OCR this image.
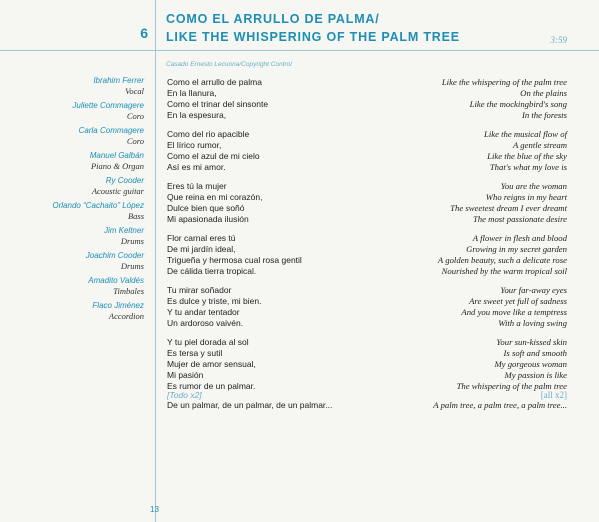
6
COMO EL ARRULLO DE PALMA/
LIKE THE WHISPERING OF THE PALM TREE	3:59
Casado Ernesto Lecuona/Copyright Control
Ibrahim Ferrer
Vocal
Juliette Commagere
Coro
Carla Commagere
Coro
Manuel Galbán
Piano & Organ
Ry Cooder
Acoustic guitar
Orlando “Cachaito” López
Bass
Jim Keltner
Drums
Joachim Cooder
Drums
Amadito Valdés
Timbales
Flaco Jiménez
Accordion
Como el arrullo de palma
En la llanura,
Como el trinar del sinsonte
En la espesura,
Como del rio apacible
El lírico rumor,
Como el azul de mi cielo
Así es mi amor.
Eres tú la mujer
Que reina en mi corazón,
Dulce bien que soñó
Mi apasionada ilusión
Flor carnal eres tú
De mi jardín ideal,
Trigueña y hermosa cual rosa gentil
De cálida tierra tropical.
Tu mirar soñador
Es dulce y triste, mi bien.
Y tu andar tentador
Un ardoroso vaivén.
Y tu piel dorada al sol
Es tersa y sutil
Mujer de amor sensual,
Mi pasión
Es rumor de un palmar.
De un palmar, de un palmar, de un palmar...
Like the whispering of the palm tree
On the plains
Like the mockingbird's song
In the forests
Like the musical flow of
A gentle stream
Like the blue of the sky
That's what my love is
You are the woman
Who reigns in my heart
The sweetest dream I ever dreamt
The most passionate desire
A flower in flesh and blood
Growing in my secret garden
A golden beauty, such a delicate rose
Nourished by the warm tropical soil
Your far-away eyes
Are sweet yet full of sadness
And you move like a temptress
With a loving swing
Your sun-kissed skin
Is soft and smooth
My gorgeous woman
My passion is like
The whispering of the palm tree
A palm tree, a palm tree, a palm tree...
[Todo x2]	[all x2]
13
